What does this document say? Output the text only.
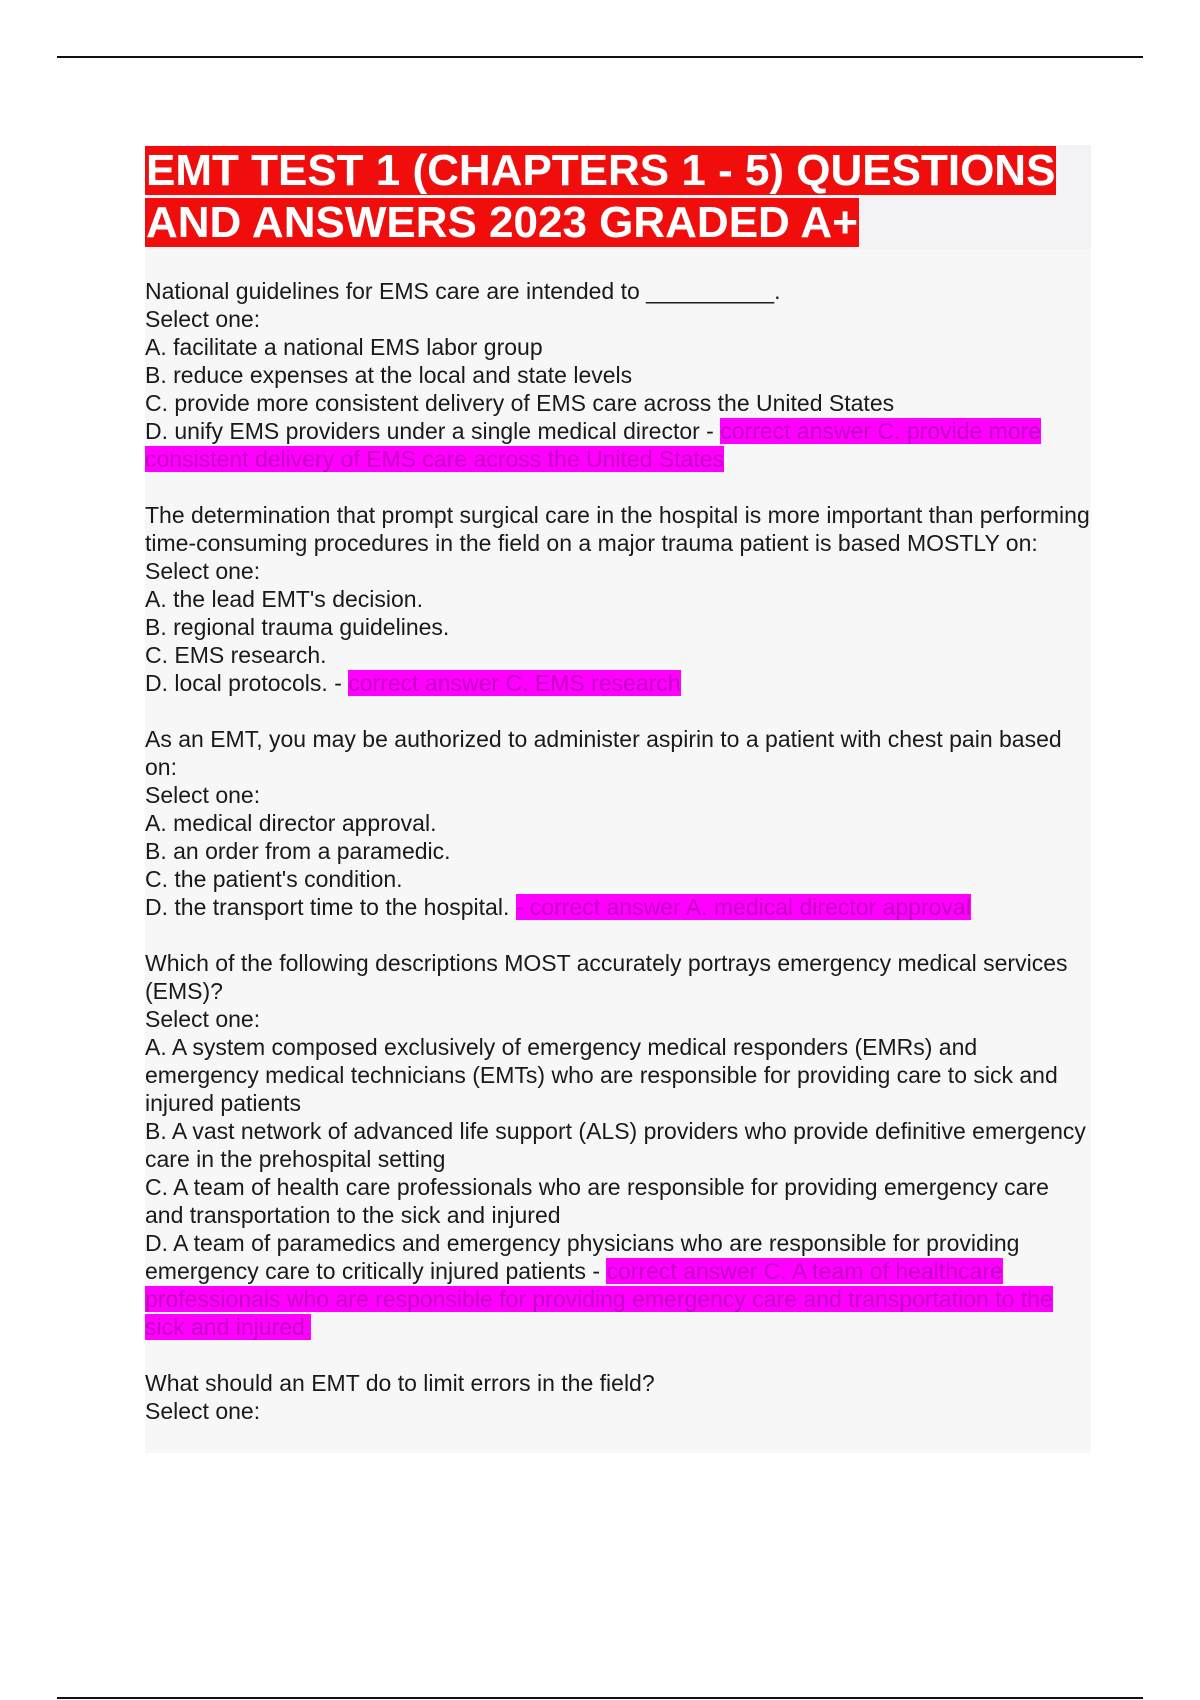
EMT TEST 1 (CHAPTERS 1 - 5) QUESTIONS AND ANSWERS 2023 GRADED A+
National guidelines for EMS care are intended to __________.
Select one:
A. facilitate a national EMS labor group
B. reduce expenses at the local and state levels
C. provide more consistent delivery of EMS care across the United States
D. unify EMS providers under a single medical director - correct answer C. provide more consistent delivery of EMS care across the United States
The determination that prompt surgical care in the hospital is more important than performing time-consuming procedures in the field on a major trauma patient is based MOSTLY on:
Select one:
A. the lead EMT's decision.
B. regional trauma guidelines.
C. EMS research.
D. local protocols. - correct answer C. EMS research
As an EMT, you may be authorized to administer aspirin to a patient with chest pain based on:
Select one:
A. medical director approval.
B. an order from a paramedic.
C. the patient's condition.
D. the transport time to the hospital. - correct answer A. medical director approval
Which of the following descriptions MOST accurately portrays emergency medical services (EMS)?
Select one:
A. A system composed exclusively of emergency medical responders (EMRs) and emergency medical technicians (EMTs) who are responsible for providing care to sick and injured patients
B. A vast network of advanced life support (ALS) providers who provide definitive emergency care in the prehospital setting
C. A team of health care professionals who are responsible for providing emergency care and transportation to the sick and injured
D. A team of paramedics and emergency physicians who are responsible for providing emergency care to critically injured patients - correct answer C. A team of healthcare professionals who are responsible for providing emergency care and transportation to the sick and injured.
What should an EMT do to limit errors in the field?
Select one:
